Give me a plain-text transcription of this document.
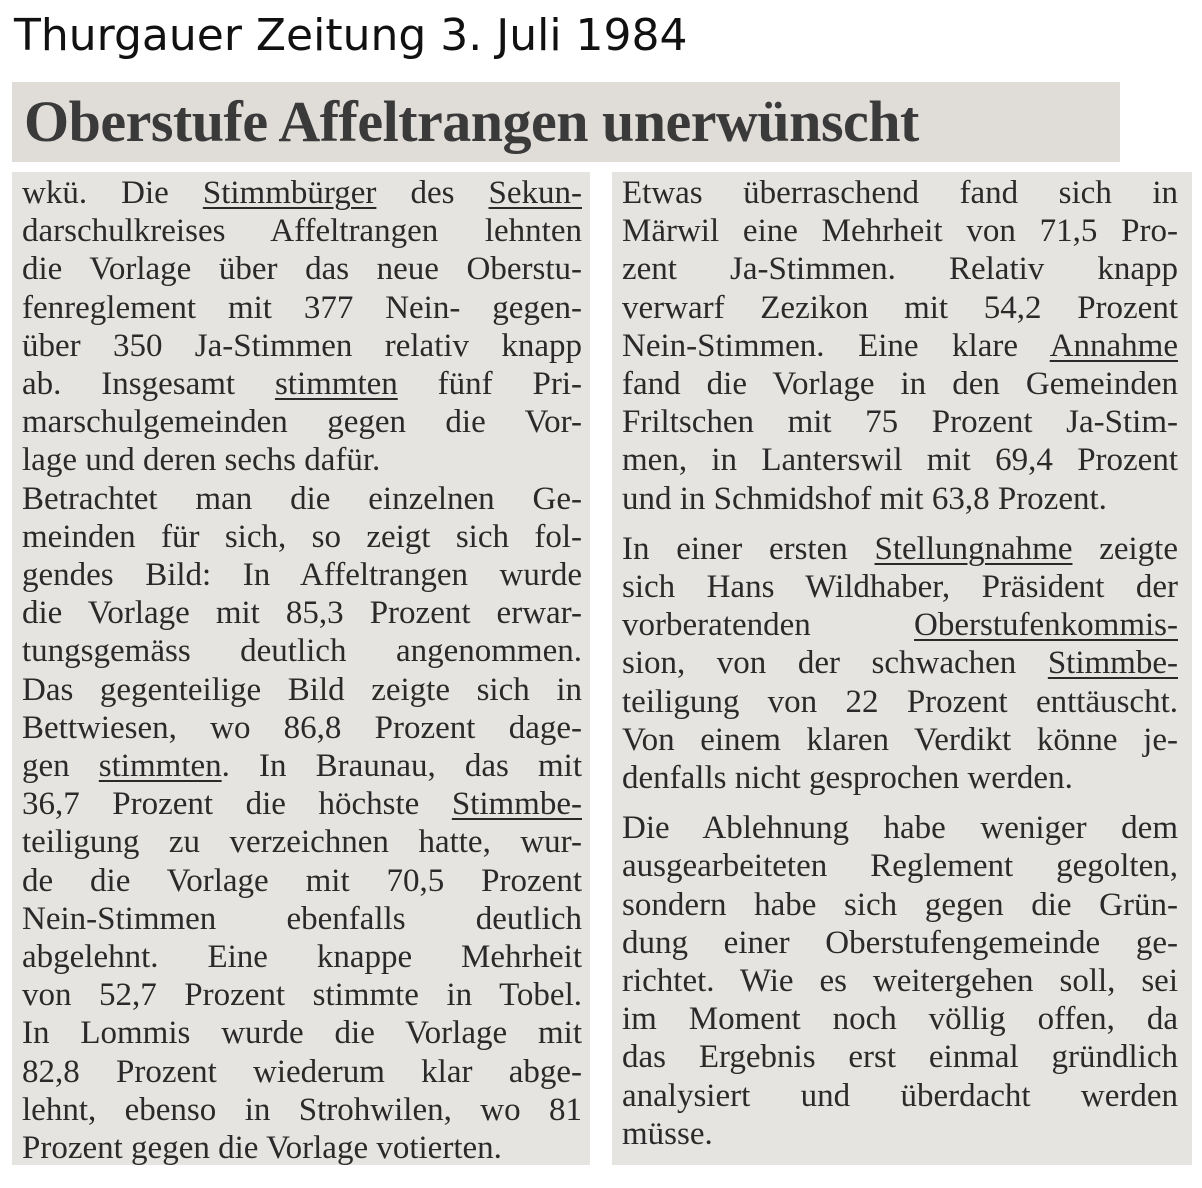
Thurgauer Zeitung 3. Juli 1984
Oberstufe Affeltrangen unerwünscht
wkü. Die Stimmbürger des Sekun-
darschulkreises Affeltrangen lehnten
die Vorlage über das neue Oberstu-
fenreglement mit 377 Nein- gegen-
über 350 Ja-Stimmen relativ knapp
ab. Insgesamt stimmten fünf Pri-
marschulgemeinden gegen die Vor-
lage und deren sechs dafür.
Betrachtet man die einzelnen Ge-
meinden für sich, so zeigt sich fol-
gendes Bild: In Affeltrangen wurde
die Vorlage mit 85,3 Prozent erwar-
tungsgemäss deutlich angenommen.
Das gegenteilige Bild zeigte sich in
Bettwiesen, wo 86,8 Prozent dage-
gen stimmten. In Braunau, das mit
36,7 Prozent die höchste Stimmbe-
teiligung zu verzeichnen hatte, wur-
de die Vorlage mit 70,5 Prozent
Nein-Stimmen ebenfalls deutlich
abgelehnt. Eine knappe Mehrheit
von 52,7 Prozent stimmte in Tobel.
In Lommis wurde die Vorlage mit
82,8 Prozent wiederum klar abge-
lehnt, ebenso in Strohwilen, wo 81
Prozent gegen die Vorlage votierten.
Etwas überraschend fand sich in
Märwil eine Mehrheit von 71,5 Pro-
zent Ja-Stimmen. Relativ knapp
verwarf Zezikon mit 54,2 Prozent
Nein-Stimmen. Eine klare Annahme
fand die Vorlage in den Gemeinden
Friltschen mit 75 Prozent Ja-Stim-
men, in Lanterswil mit 69,4 Prozent
und in Schmidshof mit 63,8 Prozent.
In einer ersten Stellungnahme zeigte
sich Hans Wildhaber, Präsident der
vorberatenden Oberstufenkommis-
sion, von der schwachen Stimmbe-
teiligung von 22 Prozent enttäuscht.
Von einem klaren Verdikt könne je-
denfalls nicht gesprochen werden.
Die Ablehnung habe weniger dem
ausgearbeiteten Reglement gegolten,
sondern habe sich gegen die Grün-
dung einer Oberstufengemeinde ge-
richtet. Wie es weitergehen soll, sei
im Moment noch völlig offen, da
das Ergebnis erst einmal gründlich
analysiert und überdacht werden
müsse.
